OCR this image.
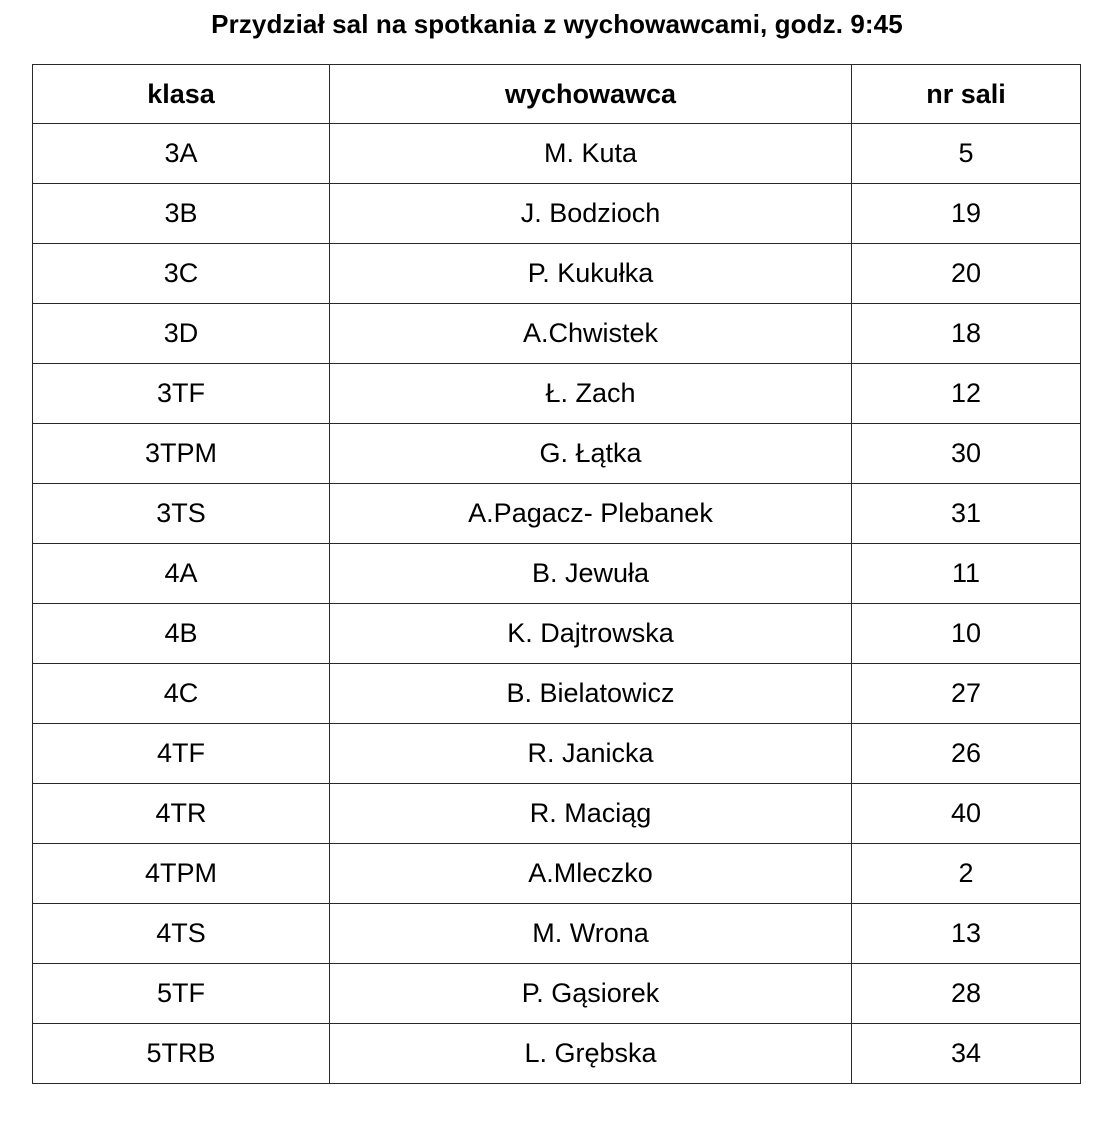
Przydział sal na spotkania z wychowawcami, godz. 9:45
klasa	wychowawca	nr sali
3A	M. Kuta	5
3B	J. Bodzioch	19
3C	P. Kukułka	20
3D	A.Chwistek	18
3TF	Ł. Zach	12
3TPM	G. Łątka	30
3TS	A.Pagacz- Plebanek	31
4A	B. Jewuła	11
4B	K. Dajtrowska	10
4C	B. Bielatowicz	27
4TF	R. Janicka	26
4TR	R. Maciąg	40
4TPM	A.Mleczko	2
4TS	M. Wrona	13
5TF	P. Gąsiorek	28
5TRB	L. Grębska	34
